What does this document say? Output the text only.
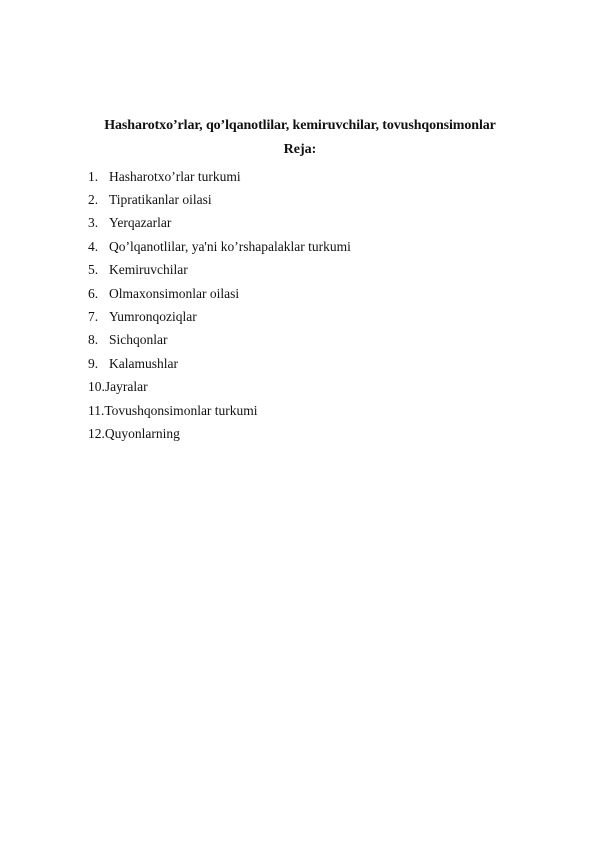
Hasharotxo’rlar, qo’lqanotlilar, kemiruvchilar, tovushqonsimonlar
Reja:
1. Hasharotxo’rlar turkumi
2. Tipratikanlar oilasi
3. Yerqazarlar
4. Qo’lqanotlilar, ya'ni ko’rshapalaklar turkumi
5. Kemiruvchilar
6. Olmaxonsimonlar oilasi
7. Yumronqoziqlar
8. Sichqonlar
9. Kalamushlar
10. Jayralar
11. Tovushqonsimonlar turkumi
12. Quyonlarning
